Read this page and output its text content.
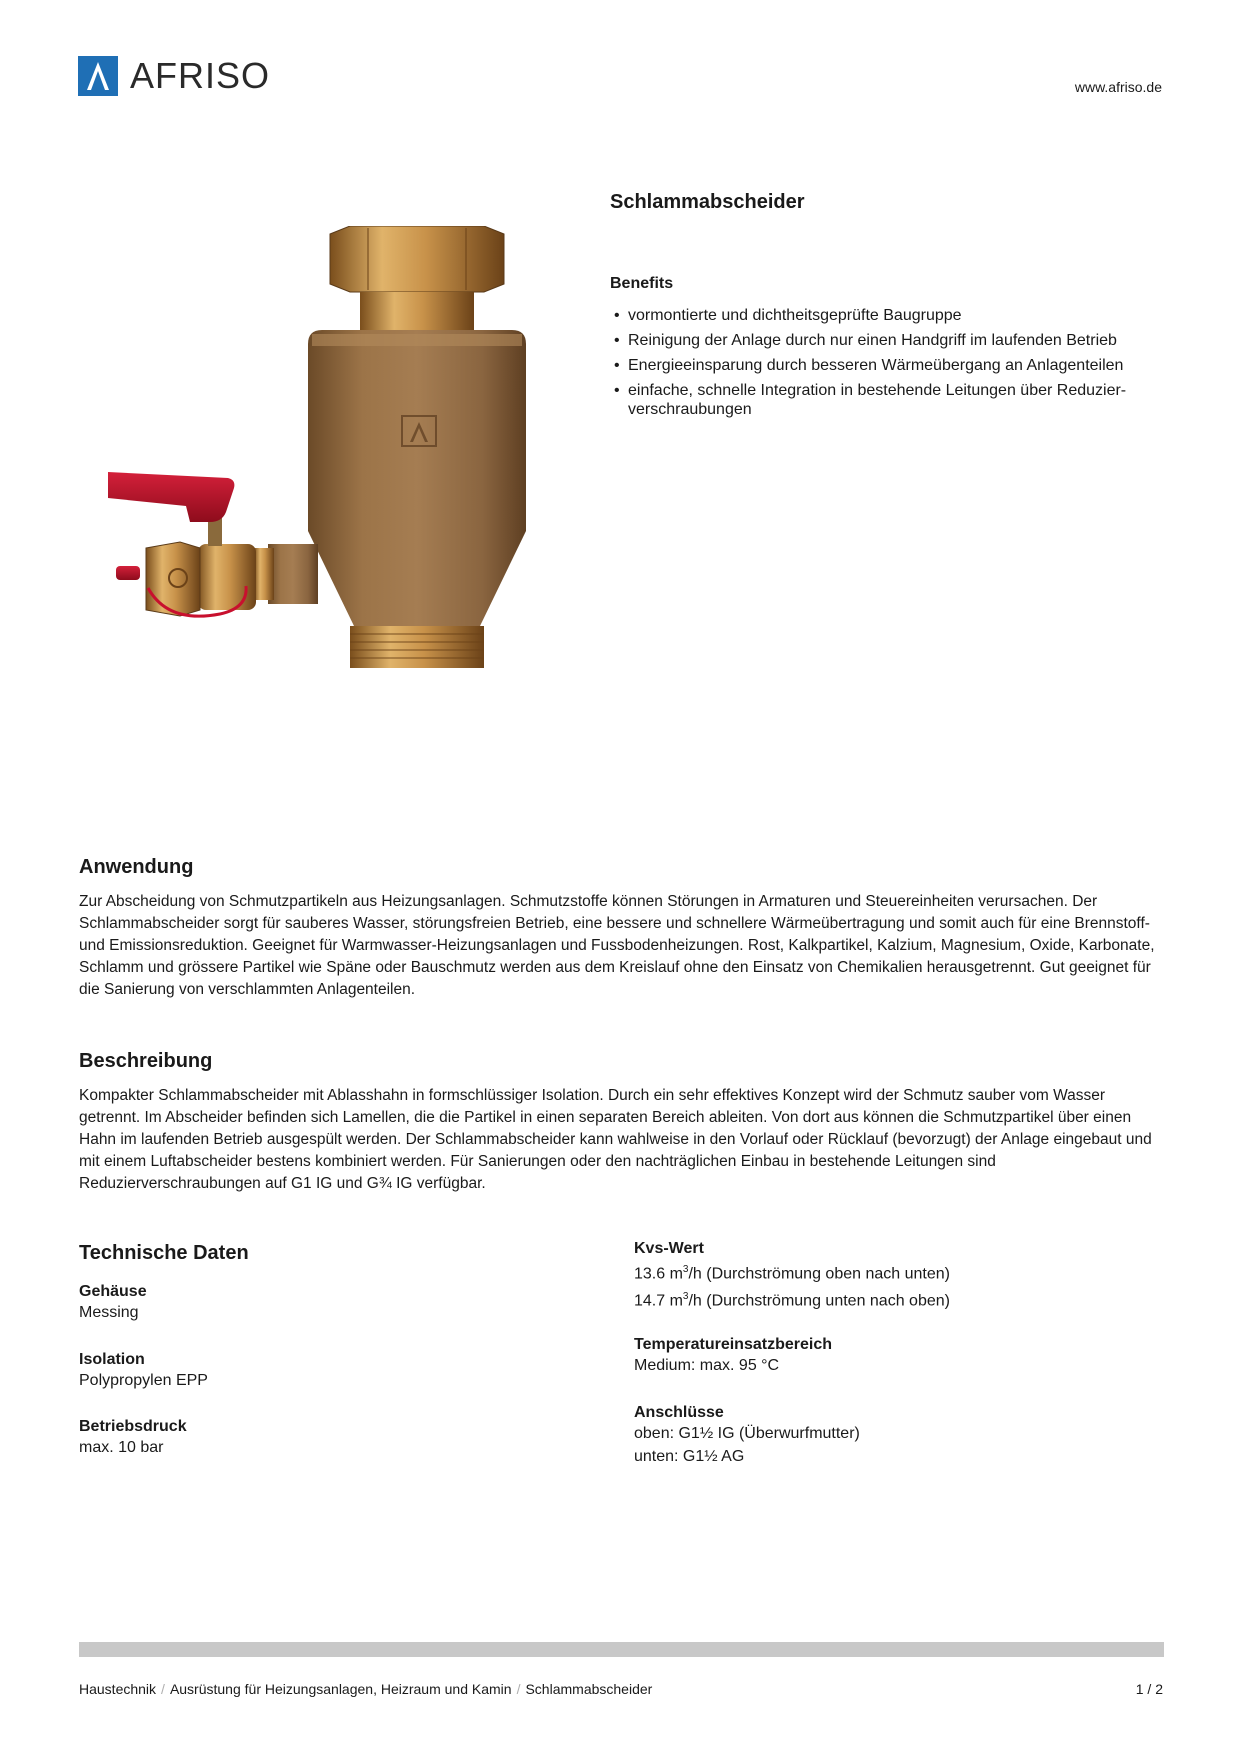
AFRISO	www.afriso.de
Schlammabscheider
Benefits
• vormontierte und dichtheitsgeprüfte Baugruppe
• Reinigung der Anlage durch nur einen Handgriff im laufenden Betrieb
• Energieeinsparung durch besseren Wärmeübergang an Anlagenteilen
• einfache, schnelle Integration in bestehende Leitungen über Reduzier-verschraubungen
Anwendung

Zur Abscheidung von Schmutzpartikeln aus Heizungsanlagen. Schmutzstoffe können Störungen in Armaturen und Steuereinheiten verursachen. Der Schlammabscheider sorgt für sauberes Wasser, störungsfreien Betrieb, eine bessere und schnellere Wärmeübertragung und somit auch für eine Brennstoff- und Emissionsreduktion. Geeignet für Warmwasser-Heizungsanlagen und Fussbodenheizungen. Rost, Kalkpartikel, Kalzium, Magnesium, Oxide, Karbonate, Schlamm und grössere Partikel wie Späne oder Bauschmutz werden aus dem Kreislauf ohne den Einsatz von Chemikalien herausgetrennt. Gut geeignet für die Sanierung von verschlammten Anlagenteilen.

Beschreibung

Kompakter Schlammabscheider mit Ablasshahn in formschlüssiger Isolation. Durch ein sehr effektives Konzept wird der Schmutz sauber vom Wasser getrennt. Im Abscheider befinden sich Lamellen, die die Partikel in einen separaten Bereich ableiten. Von dort aus können die Schmutzpartikel über einen Hahn im laufenden Betrieb ausgespült werden. Der Schlammabscheider kann wahlweise in den Vorlauf oder Rücklauf (bevorzugt) der Anlage eingebaut und mit einem Luftabscheider bestens kombiniert werden. Für Sanierungen oder den nachträglichen Einbau in bestehende Leitungen sind Reduzierverschraubungen auf G1 IG und G¾ IG verfügbar.

Technische Daten
Gehäuse
Messing
Isolation
Polypropylen EPP
Betriebsdruck
max. 10 bar
Kvs-Wert
13.6 $m^3/h$ (Durchströmung oben nach unten)
14.7 $m^3/h$ (Durchströmung unten nach oben)
Temperatureinsatzbereich
Medium: max. 95 °C
Anschlüsse
oben: G1½ IG (Überwurfmutter)
unten: G1½ AG
Haustechnik / Ausrüstung für Heizungsanlagen, Heizraum und Kamin / Schlammabscheider	1 / 2
